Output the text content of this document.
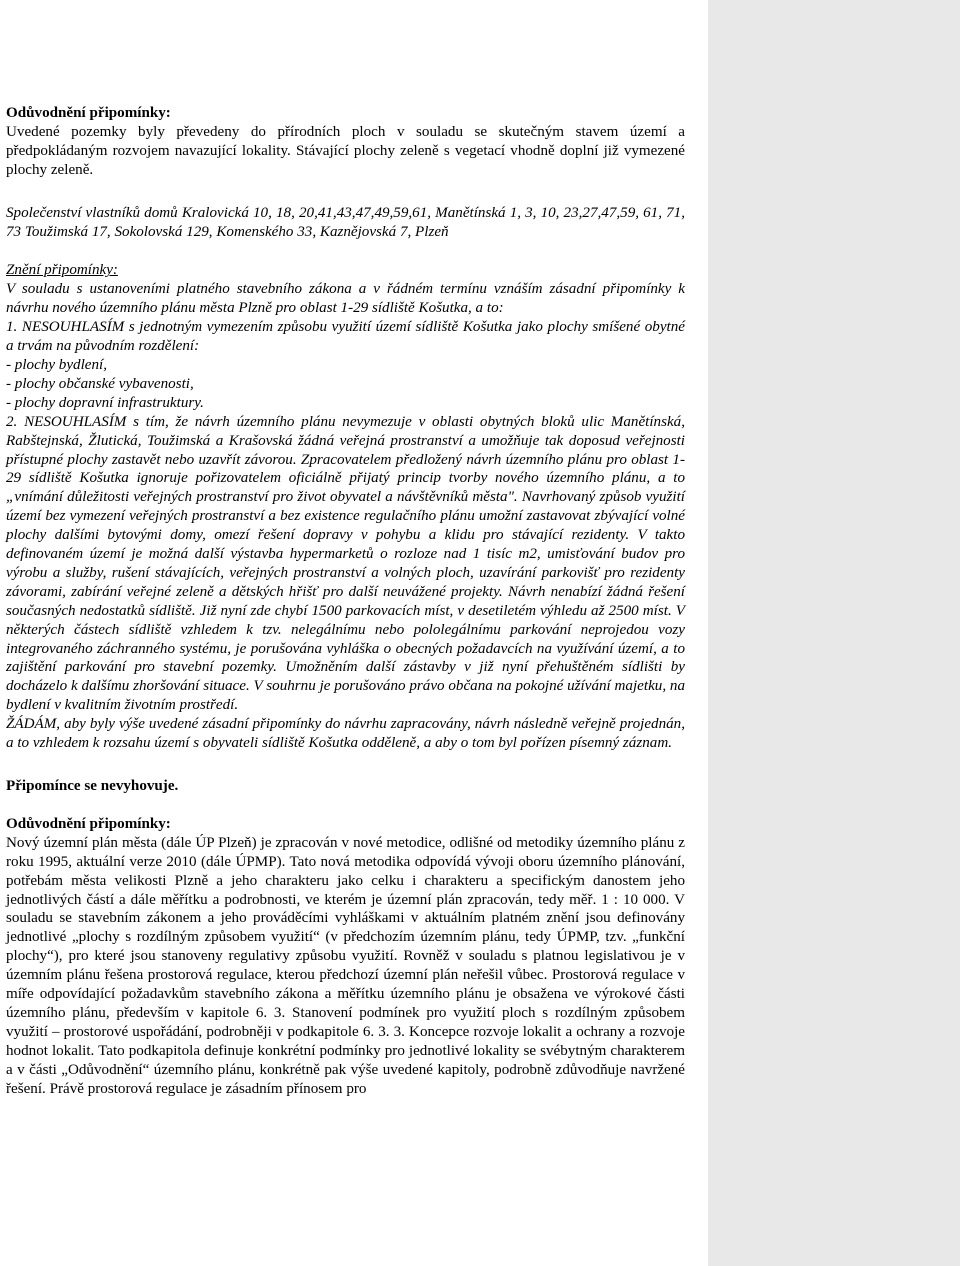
Odůvodnění připomínky:

Uvedené pozemky byly převedeny do přírodních ploch v souladu se skutečným stavem území a předpokládaným rozvojem navazující lokality. Stávající plochy zeleně s vegetací vhodně doplní již vymezené plochy zeleně.

Společenství vlastníků domů Kralovická 10, 18, 20,41,43,47,49,59,61, Manětínská 1, 3, 10, 23,27,47,59, 61, 71, 73 Toužimská 17, Sokolovská 129, Komenského 33, Kaznějovská 7, Plzeň

Znění připomínky:

V souladu s ustanoveními platného stavebního zákona a v řádném termínu vznáším zásadní připomínky k návrhu nového územního plánu města Plzně pro oblast 1-29 sídliště Košutka, a to:

1. NESOUHLASÍM s jednotným vymezením způsobu využití území sídliště Košutka jako plochy smíšené obytné a trvám na původním rozdělení:

- plochy bydlení,

- plochy občanské vybavenosti,

- plochy dopravní infrastruktury.

2. NESOUHLASÍM s tím, že návrh územního plánu nevymezuje v oblasti obytných bloků ulic Manětínská, Rabštejnská, Žlutická, Toužimská a Krašovská žádná veřejná prostranství a umožňuje tak doposud veřejnosti přístupné plochy zastavět nebo uzavřít závorou. Zpracovatelem předložený návrh územního plánu pro oblast 1-29 sídliště Košutka ignoruje pořizovatelem oficiálně přijatý princip tvorby nového územního plánu, a to „vnímání důležitosti veřejných prostranství pro život obyvatel a návštěvníků města". Navrhovaný způsob využití území bez vymezení veřejných prostranství a bez existence regulačního plánu umožní zastavovat zbývající volné plochy dalšími bytovými domy, omezí řešení dopravy v pohybu a klidu pro stávající rezidenty. V takto definovaném území je možná další výstavba hypermarketů o rozloze nad 1 tisíc m2, umisťování budov pro výrobu a služby, rušení stávajících, veřejných prostranství a volných ploch, uzavírání parkovišť pro rezidenty závorami, zabírání veřejné zeleně a dětských hřišť pro další neuvážené projekty. Návrh nenabízí žádná řešení současných nedostatků sídliště. Již nyní zde chybí 1500 parkovacích míst, v desetiletém výhledu až 2500 míst. V některých částech sídliště vzhledem k tzv. nelegálnímu nebo pololegálnímu parkování neprojedou vozy integrovaného záchranného systému, je porušována vyhláška o obecných požadavcích na využívání území, a to zajištění parkování pro stavební pozemky. Umožněním další zástavby v již nyní přehuštěném sídlišti by docházelo k dalšímu zhoršování situace. V souhrnu je porušováno právo občana na pokojné užívání majetku, na bydlení v kvalitním životním prostředí.

ŽÁDÁM, aby byly výše uvedené zásadní připomínky do návrhu zapracovány, návrh následně veřejně projednán, a to vzhledem k rozsahu území s obyvateli sídliště Košutka odděleně, a aby o tom byl pořízen písemný záznam.

Připomínce se nevyhovuje.

Odůvodnění připomínky:

Nový územní plán města (dále ÚP Plzeň) je zpracován v nové metodice, odlišné od metodiky územního plánu z roku 1995, aktuální verze 2010 (dále ÚPMP). Tato nová metodika odpovídá vývoji oboru územního plánování, potřebám města velikosti Plzně a jeho charakteru jako celku i charakteru a specifickým danostem jeho jednotlivých částí a dále měřítku a podrobnosti, ve kterém je územní plán zpracován, tedy měř. 1 : 10 000. V souladu se stavebním zákonem a jeho prováděcími vyhláškami v aktuálním platném znění jsou definovány jednotlivé „plochy s rozdílným způsobem využití“ (v předchozím územním plánu, tedy ÚPMP, tzv. „funkční plochy“), pro které jsou stanoveny regulativy způsobu využití. Rovněž v souladu s platnou legislativou je v územním plánu řešena prostorová regulace, kterou předchozí územní plán neřešil vůbec. Prostorová regulace v míře odpovídající požadavkům stavebního zákona a měřítku územního plánu je obsažena ve výrokové části územního plánu, především v kapitole 6. 3. Stanovení podmínek pro využití ploch s rozdílným způsobem využití – prostorové uspořádání, podrobněji v podkapitole 6. 3. 3. Koncepce rozvoje lokalit a ochrany a rozvoje hodnot lokalit. Tato podkapitola definuje konkrétní podmínky pro jednotlivé lokality se svébytným charakterem a v části „Odůvodnění“ územního plánu, konkrétně pak výše uvedené kapitoly, podrobně zdůvodňuje navržené řešení. Právě prostorová regulace je zásadním přínosem pro
